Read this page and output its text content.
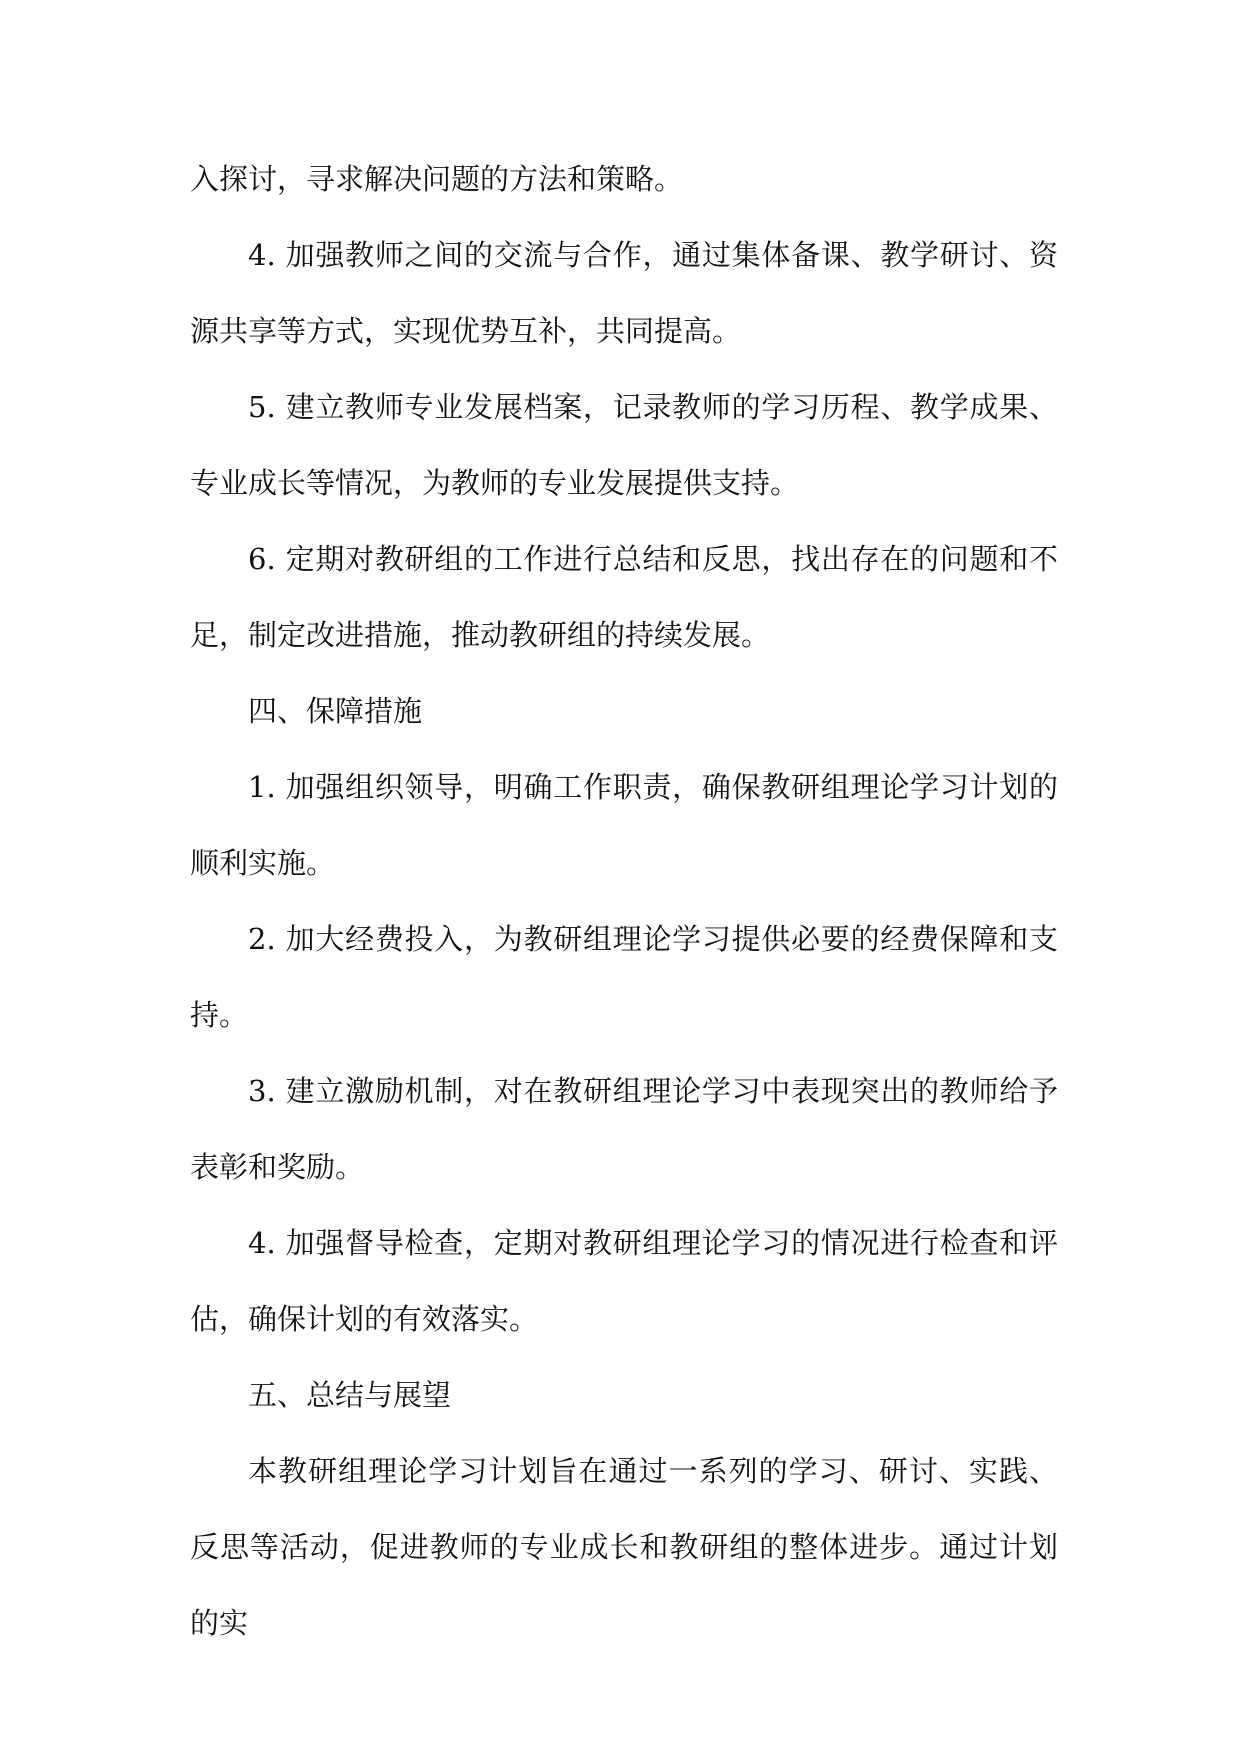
入探讨，寻求解决问题的方法和策略。

4. 加强教师之间的交流与合作，通过集体备课、教学研讨、资源共享等方式，实现优势互补，共同提高。

5. 建立教师专业发展档案，记录教师的学习历程、教学成果、专业成长等情况，为教师的专业发展提供支持。

6. 定期对教研组的工作进行总结和反思，找出存在的问题和不足，制定改进措施，推动教研组的持续发展。

四、保障措施

1. 加强组织领导，明确工作职责，确保教研组理论学习计划的顺利实施。

2. 加大经费投入，为教研组理论学习提供必要的经费保障和支持。

3. 建立激励机制，对在教研组理论学习中表现突出的教师给予表彰和奖励。

4. 加强督导检查，定期对教研组理论学习的情况进行检查和评估，确保计划的有效落实。

五、总结与展望

本教研组理论学习计划旨在通过一系列的学习、研讨、实践、反思等活动，促进教师的专业成长和教研组的整体进步。通过计划的实
